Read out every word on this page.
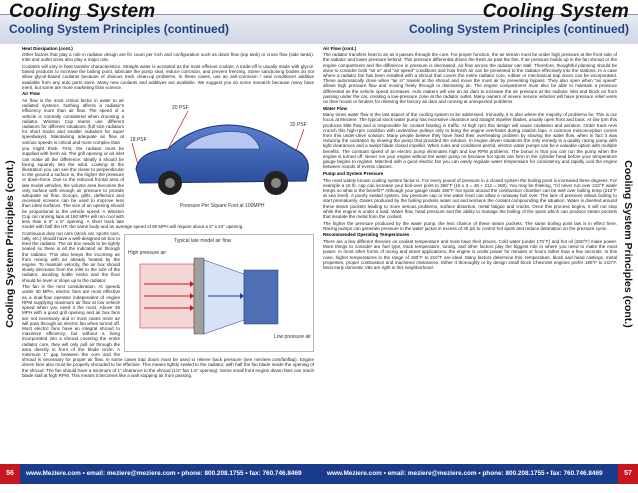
Cooling System
Cooling System Principles (continued)
Cooling System Principles (cont.)

Heat Dissipation (cont.)

Other factors that play a role in radiator design are fin count per inch and configuration such as down flow (top tank) or cross flow (side tanks). Inlet and outlet sizes also play a major role.

Coolants will vary in heat transfer characteristics. Straight water is accepted as the most efficient coolant. A trade-off is usually made with glycol-based products to increase the boiling point, lubricate the pump seal, reduce corrosion, and prevent freezing. Some sanctioning bodies do not allow glycol-based coolants because of obvious track clean-up problems. In these cases, use an anti-corrosion / seal conditioner additive available from any auto parts store. Many new coolants and additives are available. We suggest you do some research because many have merit, but some are more marketing than science.

20 PSF
18 PSF
32 PSF
Pressure Per Square Foot at 100MPH

Air Flow

Air flow is the most critical factor in water to air radiated systems. Nothing affects a radiator's efficiency more than air flow. The speed of a vehicle is normally considered when choosing a radiator. Winston Cup teams use different radiators for different situations (full size radiators for short tracks and smaller radiators for super speedways). Maintaining adequate air flow at various speeds is critical and more complex than

you might think. First, the radiator must be supplied with fresh air. The grill opening or air inlet can make all the difference. Ideally it should be facing squarely into the wind. Looking at the illustration you can see the closer to perpendicular to the ground a surface is, the higher the pressure or down-force. Due to the reduced frontal area of late model vehicles, the volume area becomes the only surface with enough air pressure to provide adequate air flow. Scoops, grills, deflectors and recessed screens can be used to improve less than ideal surfaces. The size of an opening should be proportional to the vehicle speed. A Winston Cup car running laps at 180 MPH will run cool with less than a 6" x 6" opening. A short track late model with half the HP, the same body and an average speed of 90 MPH will require about a 6" x 24" opening.

Typical late model air flow
High pressure air
Low pressure air

Continuous duty run cars (stock car, sports cars, rally, etc.) should have a well-designed air box to feed the radiator. The air box needs to be tightly sealed so there is all the indicated air through the radiator. This also keeps the incoming air from mixing with air already heated by the engine. To maintain velocity, the air box should slowly decrease from the inlet to the size of the radiator, avoiding bottle necks and the floor should be level or slope up to the radiator.

The fan is the next consideration. At speeds under 30 MPH, electric fans are most effective as a dual-flow operator independent of engine RPM supplying maximum air flow at low vehicle speed when you need it the most. Above 35 MPH with a good grill opening and air box fans are not necessary and in most cases more air will pass through an electric fan when turned off. Most electric fans have an integral shroud to maximize efficiency, but without a living incorporated into a shroud covering the entire radiator core, they will only pull air through the area directly in front of the blade circle. A minimum 1" gap between the core and the shroud is necessary for proper air flow. In some cases trap doors must be used to relieve back pressure (see meziere.com/fanflap). Engine driven fans also must be properly shrouded to be effective. This means tightly sealed to the radiator, with half the fan blade inside the opening of the shroud. The fan should have a minimum of 1" clearance to the shroud (1/2" fan 1.5" opening). Some small front engine driven fans can reach blade stall at high RPM. This means it becomes like a wall stopping air from passing.

56	www.Meziere.com • email: meziere@meziere.com • phone: 800.208.1755 • fax: 760.746.8469
Cooling System
Cooling System Principles (continued)
Cooling System Principles (cont.)

Air Flow (cont.)

The radiator transfers heat to air as it passes through the core. For proper function, the air stream must be under high pressure at the front side of the radiator and lower pressure behind. This pressure differential drives the fresh air past the fins. If air pressure builds up in the fan shroud or the engine compartment and the difference in pressure is decreased, air flow across the radiator can stall. Therefore, thoughtful planning should be done to consider both "air in" and "air speed" conditions and how fresh air can be presented to the radiator effectively into the stations. In a case where a radiator fan has been installed with a shroud that covers the entire radiator core, rubber or mechanical trap doors can be incorporated. These automatically close when "air in" travels at the shroud and move the most air by preventing bypass. They also open when "air speed" allows high pressure flow and moving freely through to dismissing air. The engine compartment must also be able to maintain a pressure differential as the vehicle speed increases. Auto makers will use an air dam to increase the air pressure at the radiator inlet and block air from passing under the car, creating a low-pressure zone at the radiator outlet. Many owners of severe service vehicles will have pressure relief vents on their hoods or fenders for relieving the factory air dam and running at unexpected problems.

Water Flow

Many times water flow is the last aspect of the cooling system to be addressed. Ironically, it is also where the majority of problems lie. This is our focus at Meziere. The typical stock water pump has excessive clearance and straight impeller blades, usually open front and back. At low rpm this produces little flow and is responsible for coolant heating in traffic. At high rpm this design will cause cavitation and aeration. Order track revs crunch this high-rpm condition with underdrive pulleys only to bring the engine overheats during caution laps. A common misconception comes from this under-drive solution. Many people believe they have fixed their overheating problem by slowing the water flow, when in fact it was reducing the cavitation by slowing the pump that provided the solution. In engine driven situations the only remedy is a quality racing pump with tight clearances and a swept blade closed impeller. When rules and conditions permit, electric water pumps can be a valuable option with multiple benefits. The constant speed of an electric pump eliminates high and low RPM problems. The bonus is that you can run the pump when the engine is turned off. Never run your engine without the water pump on because hot spots can form in the cylinder head before your temperature gauge begins to register. Matched with a good electric fan you can easily regulate water temperature for consistency and rapidly cool the engine between rounds of events classes.

Pump and System Pressure

The most widely known cooling system factor is. For every pound of pressure in a closed system the boiling point is increased three degrees. For example a 16 lb. cap can increase your boil-over point to 260°F (16 x 3 = 48 + 212 = 260). You may be thinking, "I'd never run over 210°F water temps so what is the benefit?" Although your gauge reads 190°F hot spots around the combustion chamber can be well over boiling temp (212°F at sea level). A poorly sealed system, low pressure cap or low water level can allow a runaway boil over. The lack of pressure allows boiling to start prematurely. Gases produced by the boiling pockets water out and worsens the coolant compounding the situation. Water is diverted around these steam pockets leading to more serious problems, surface distortion, metal fatigue and cracks. Once this process begins, it will not stop while the engine is under a load. Water flow, head pressure and the ability to manage the boiling of the spots which can produce steam pockets that insulate the metal from the coolant.

The higher the pressure produced by the water pump, the less chance of these steam pockets. The same boiling point law is in effect here. Racing pumps can generate pressure in the water jacket in excess of 30 psi to control hot spots and reduce detonation on the pressure cycle.

Recommended Operating Temperatures

There are a few different theories on coolant temperature and most have their places. Cold water (under 170°F) and hot oil (260°F) make power. More things to consider are fuel type, track temperature, tuning, and other factors play the biggest role in where you need to make the most power. In most other forms of racing and street applications, the engine is under power for minutes or hours rather than a few seconds. In this case, higher temperatures in the range of 180°F to 210°F are ideal. Many factors determine this: temperature, block and head castings, metal properties, proper combustion and machined clearances. Either it thoroughly or by design small block Chevrolet engines prefer 190°F to 210°F. Most early domestic V8s are right in this neighborhood.

www.Meziere.com • email: meziere@meziere.com • phone: 800.208.1755 • fax: 760.746.8469	57
